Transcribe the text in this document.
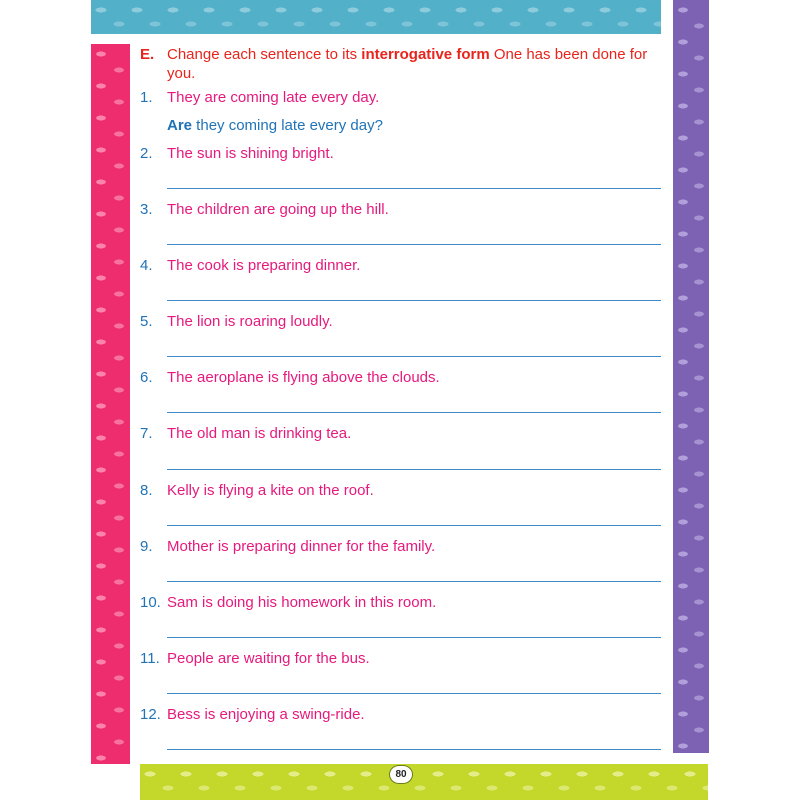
E. Change each sentence to its interrogative form One has been done for you.
Are they coming late every day?
1. They are coming late every day.
2. The sun is shining bright.
3. The children are going up the hill.
4. The cook is preparing dinner.
5. The lion is roaring loudly.
6. The aeroplane is flying above the clouds.
7. The old man is drinking tea.
8. Kelly is flying a kite on the roof.
9. Mother is preparing dinner for the family.
10. Sam is doing his homework in this room.
11. People are waiting for the bus.
12. Bess is enjoying a swing-ride.
80
